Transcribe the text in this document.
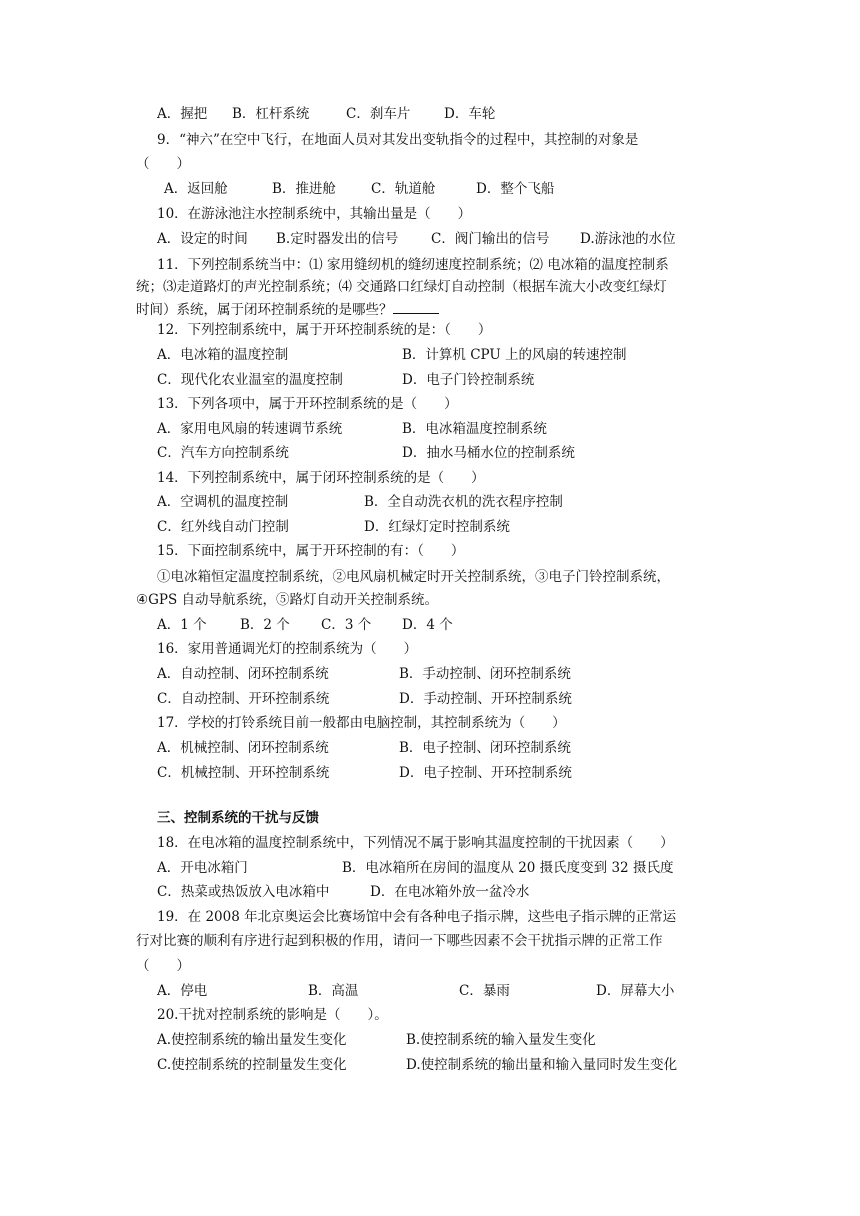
A．握把 B．杠杆系统	C．刹车片 D．车轮
9．“神六”在空中飞行，在地面人员对其发出变轨指令的过程中，其控制的对象是
（　　）
A．返回舱	B．推进舱	C．轨道舱	D．整个飞船
10．在游泳池注水控制系统中，其输出量是（　　）
A．设定的时间 B.定时器发出的信号 C．阀门输出的信号 D.游泳池的水位
11．下列控制系统当中：⑴ 家用缝纫机的缝纫速度控制系统；⑵ 电冰箱的温度控制系
统；⑶走道路灯的声光控制系统；⑷ 交通路口红绿灯自动控制（根据车流大小改变红绿灯
时间）系统，属于闭环控制系统的是哪些？
12．下列控制系统中，属于开环控制系统的是：（　　）
A．电冰箱的温度控制	B．计算机 CPU 上的风扇的转速控制
C．现代化农业温室的温度控制	D．电子门铃控制系统
13．下列各项中，属于开环控制系统的是（　　）
A．家用电风扇的转速调节系统	B．电冰箱温度控制系统
C．汽车方向控制系统	D．抽水马桶水位的控制系统
14．下列控制系统中，属于闭环控制系统的是（　　）
A．空调机的温度控制	B．全自动洗衣机的洗衣程序控制
C．红外线自动门控制	D．红绿灯定时控制系统
15．下面控制系统中，属于开环控制的有：（　　）
①电冰箱恒定温度控制系统，②电风扇机械定时开关控制系统，③电子门铃控制系统，
④GPS 自动导航系统，⑤路灯自动开关控制系统。
A．1 个 B．2 个 C．3 个 D．4 个
16．家用普通调光灯的控制系统为（　　）
A．自动控制、闭环控制系统	B．手动控制、闭环控制系统
C．自动控制、开环控制系统	D．手动控制、开环控制系统
17．学校的打铃系统目前一般都由电脑控制，其控制系统为（　　）
A．机械控制、闭环控制系统	B．电子控制、闭环控制系统
C．机械控制、开环控制系统	D．电子控制、开环控制系统
三、控制系统的干扰与反馈
18．在电冰箱的温度控制系统中，下列情况不属于影响其温度控制的干扰因素（　　）
A．开电冰箱门	B．电冰箱所在房间的温度从 20 摄氏度变到 32 摄氏度
C．热菜或热饭放入电冰箱中	D．在电冰箱外放一盆冷水
19．在 2008 年北京奥运会比赛场馆中会有各种电子指示牌，这些电子指示牌的正常运
行对比赛的顺利有序进行起到积极的作用，请问一下哪些因素不会干扰指示牌的正常工作
（　　）
A．停电	B．高温	C．暴雨	D．屏幕大小
20.干扰对控制系统的影响是（　　）。
A.使控制系统的输出量发生变化	B.使控制系统的输入量发生变化
C.使控制系统的控制量发生变化	D.使控制系统的输出量和输入量同时发生变化
